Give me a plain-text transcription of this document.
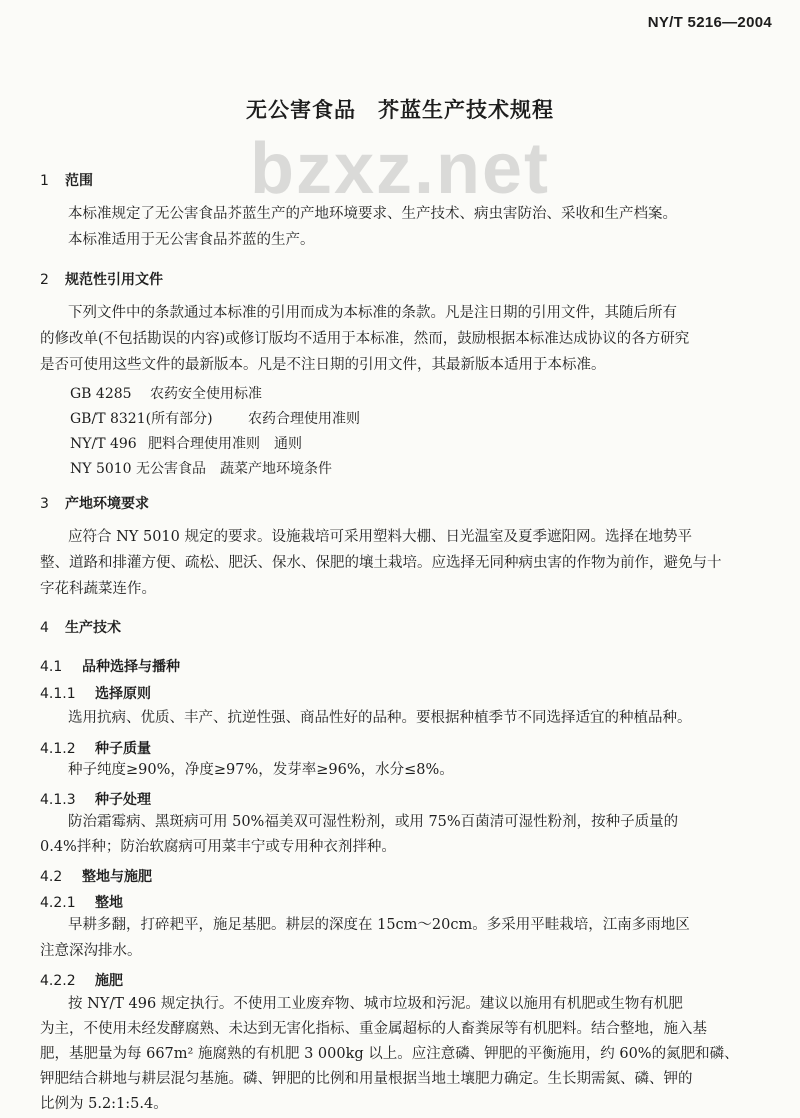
NY/T 5216—2004
无公害食品 芥蓝生产技术规程
bzxz.net
1 范围
本标准规定了无公害食品芥蓝生产的产地环境要求、生产技术、病虫害防治、采收和生产档案。
本标准适用于无公害食品芥蓝的生产。
2 规范性引用文件
下列文件中的条款通过本标准的引用而成为本标准的条款。凡是注日期的引用文件，其随后所有
的修改单(不包括勘误的内容)或修订版均不适用于本标准，然而，鼓励根据本标准达成协议的各方研究
是否可使用这些文件的最新版本。凡是不注日期的引用文件，其最新版本适用于本标准。
GB 4285 农药安全使用标准
GB/T 8321(所有部分)	农药合理使用准则
NY/T 496 肥料合理使用准则　通则
NY 5010 无公害食品　蔬菜产地环境条件
3 产地环境要求
应符合 NY 5010 规定的要求。设施栽培可采用塑料大棚、日光温室及夏季遮阳网。选择在地势平
整、道路和排灌方便、疏松、肥沃、保水、保肥的壤土栽培。应选择无同种病虫害的作物为前作，避免与十
字花科蔬菜连作。
4 生产技术
4.1 品种选择与播种
4.1.1 选择原则
选用抗病、优质、丰产、抗逆性强、商品性好的品种。要根据种植季节不同选择适宜的种植品种。
4.1.2 种子质量
种子纯度≥90%，净度≥97%，发芽率≥96%，水分≤8%。
4.1.3 种子处理
防治霜霉病、黑斑病可用 50%福美双可湿性粉剂，或用 75%百菌清可湿性粉剂，按种子质量的
0.4%拌种；防治软腐病可用菜丰宁或专用种衣剂拌种。
4.2 整地与施肥
4.2.1 整地
早耕多翻，打碎耙平，施足基肥。耕层的深度在 15cm～20cm。多采用平畦栽培，江南多雨地区
注意深沟排水。
4.2.2 施肥
按 NY/T 496 规定执行。不使用工业废弃物、城市垃圾和污泥。建议以施用有机肥或生物有机肥
为主，不使用未经发酵腐熟、未达到无害化指标、重金属超标的人畜粪尿等有机肥料。结合整地，施入基
肥，基肥量为每 667m² 施腐熟的有机肥 3 000kg 以上。应注意磷、钾肥的平衡施用，约 60%的氮肥和磷、
钾肥结合耕地与耕层混匀基施。磷、钾肥的比例和用量根据当地土壤肥力确定。生长期需氮、磷、钾的
比例为 5.2:1:5.4。
